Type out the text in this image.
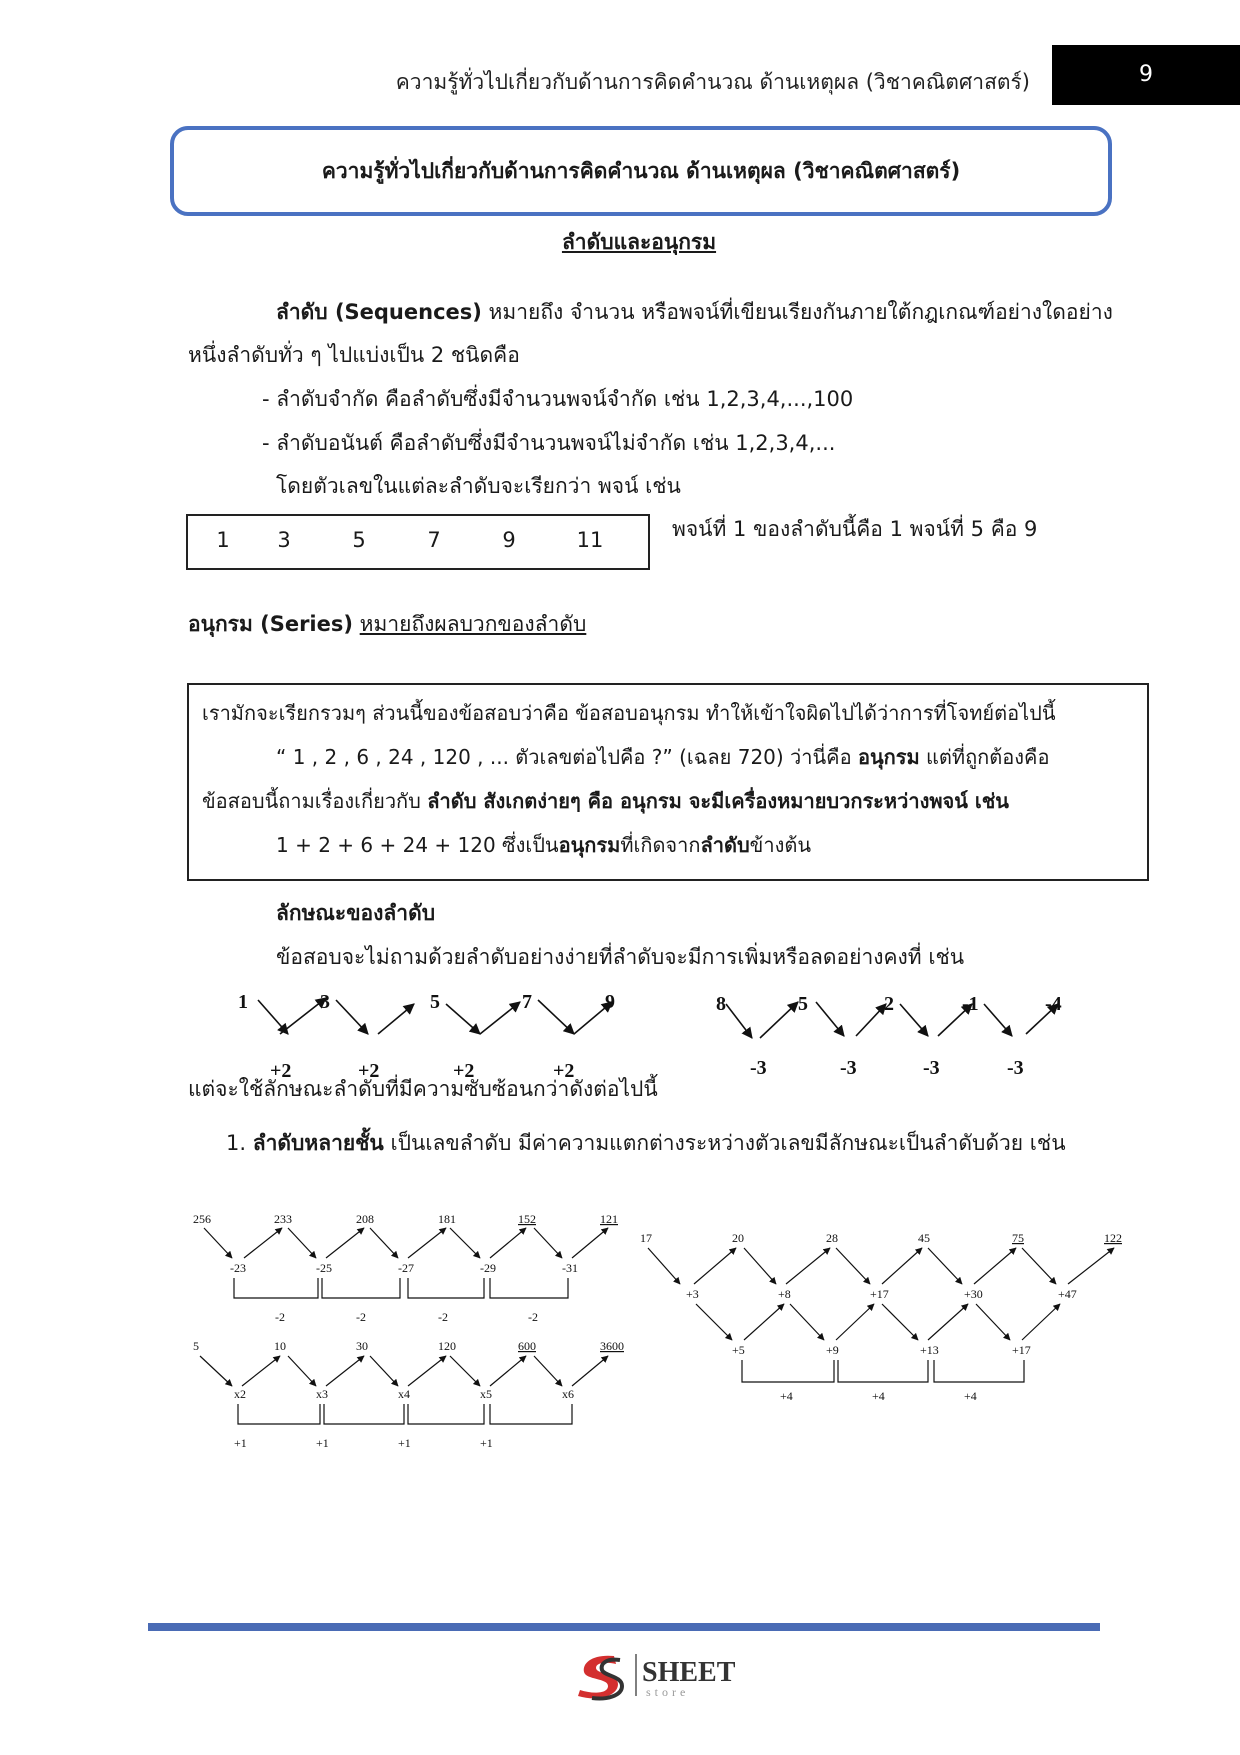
ความรู้ทั่วไปเกี่ยวกับด้านการคิดคำนวณ ด้านเหตุผล (วิชาคณิตศาสตร์)	9
ความรู้ทั่วไปเกี่ยวกับด้านการคิดคำนวณ ด้านเหตุผล (วิชาคณิตศาสตร์)
ลำดับและอนุกรม
ลำดับ (Sequences) หมายถึง จำนวน หรือพจน์ที่เขียนเรียงกันภายใต้กฎเกณฑ์อย่างใดอย่าง
หนึ่งลำดับทั่ว ๆ ไปแบ่งเป็น 2 ชนิดคือ
- ลำดับจำกัด คือลำดับซึ่งมีจำนวนพจน์จำกัด เช่น 1,2,3,4,...,100
- ลำดับอนันต์ คือลำดับซึ่งมีจำนวนพจน์ไม่จำกัด เช่น 1,2,3,4,...
โดยตัวเลขในแต่ละลำดับจะเรียกว่า พจน์ เช่น
1	3	5	7	9	11	พจน์ที่ 1 ของลำดับนี้คือ 1 พจน์ที่ 5 คือ 9
อนุกรม (Series) หมายถึงผลบวกของลำดับ
เรามักจะเรียกรวมๆ ส่วนนี้ของข้อสอบว่าคือ ข้อสอบอนุกรม ทำให้เข้าใจผิดไปได้ว่าการที่โจทย์ต่อไปนี้
“ 1 , 2 , 6 , 24 , 120 , ... ตัวเลขต่อไปคือ ?” (เฉลย 720) ว่านี่คือ อนุกรม แต่ที่ถูกต้องคือ
ข้อสอบนี้ถามเรื่องเกี่ยวกับ ลำดับ สังเกตง่ายๆ คือ อนุกรม จะมีเครื่องหมายบวกระหว่างพจน์ เช่น
1 + 2 + 6 + 24 + 120 ซึ่งเป็นอนุกรมที่เกิดจากลำดับข้างต้น
ลักษณะของลำดับ
ข้อสอบจะไม่ถามด้วยลำดับอย่างง่ายที่ลำดับจะมีการเพิ่มหรือลดอย่างคงที่ เช่น
1	3	5	7	9
+2	+2	+2	+2
8	5	2	-1	-4
-3	-3	-3	-3
แต่จะใช้ลักษณะลำดับที่มีความซับซ้อนกว่าดังต่อไปนี้
1. ลำดับหลายชั้น เป็นเลขลำดับ มีค่าความแตกต่างระหว่างตัวเลขมีลักษณะเป็นลำดับด้วย เช่น
256	233	208	181	152	121
-23	-25	-27	-29	-31
-2	-2	-2	-2
5	10	30	120	600	3600
x2	x3	x4	x5	x6
+1	+1	+1	+1
17	20	28	45	75	122
+3	+8	+17	+30	+47
+5	+9	+13	+17
+4	+4	+4
SHEET
store
